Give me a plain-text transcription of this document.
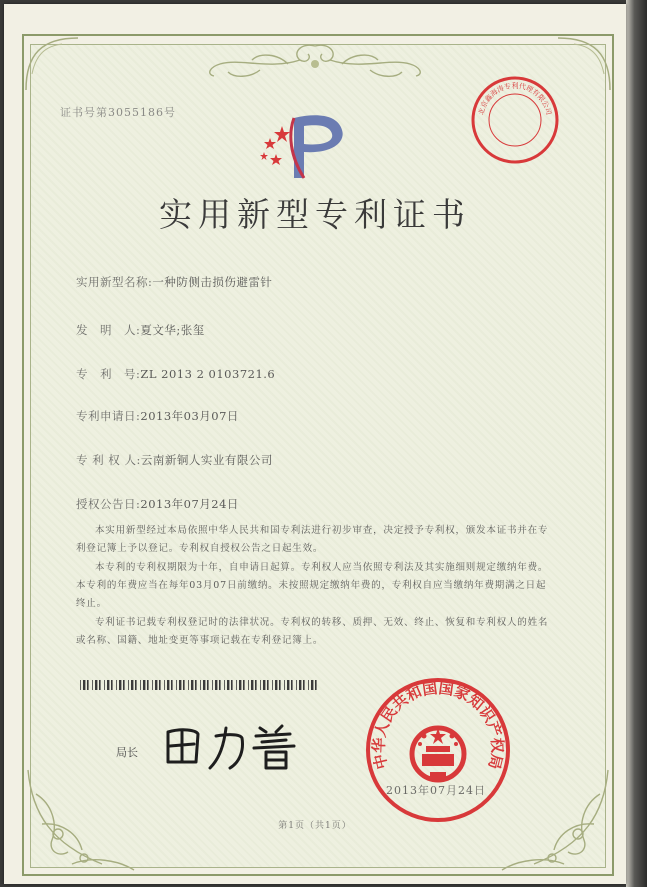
证书号第3055186号	北京鑫海涛专利代理有限公司
实用新型专利证书
实用新型名称:一种防侧击损伤避雷针
发　明　人:夏文华;张玺
专　利　号:ZL 2013 2 0103721.6
专利申请日:2013年03月07日
专 利 权 人:云南新铜人实业有限公司
授权公告日:2013年07月24日
本实用新型经过本局依照中华人民共和国专利法进行初步审查，决定授予专利权，颁发本证书并在专利登记簿上予以登记。专利权自授权公告之日起生效。
本专利的专利权期限为十年，自申请日起算。专利权人应当依照专利法及其实施细则规定缴纳年费。本专利的年费应当在每年03月07日前缴纳。未按照规定缴纳年费的，专利权自应当缴纳年费期满之日起终止。
专利证书记载专利权登记时的法律状况。专利权的转移、质押、无效、终止、恢复和专利权人的姓名或名称、国籍、地址变更等事项记载在专利登记簿上。
局长	中华人民共和国国家知识产权局
2013年07月24日
第1页（共1页）
